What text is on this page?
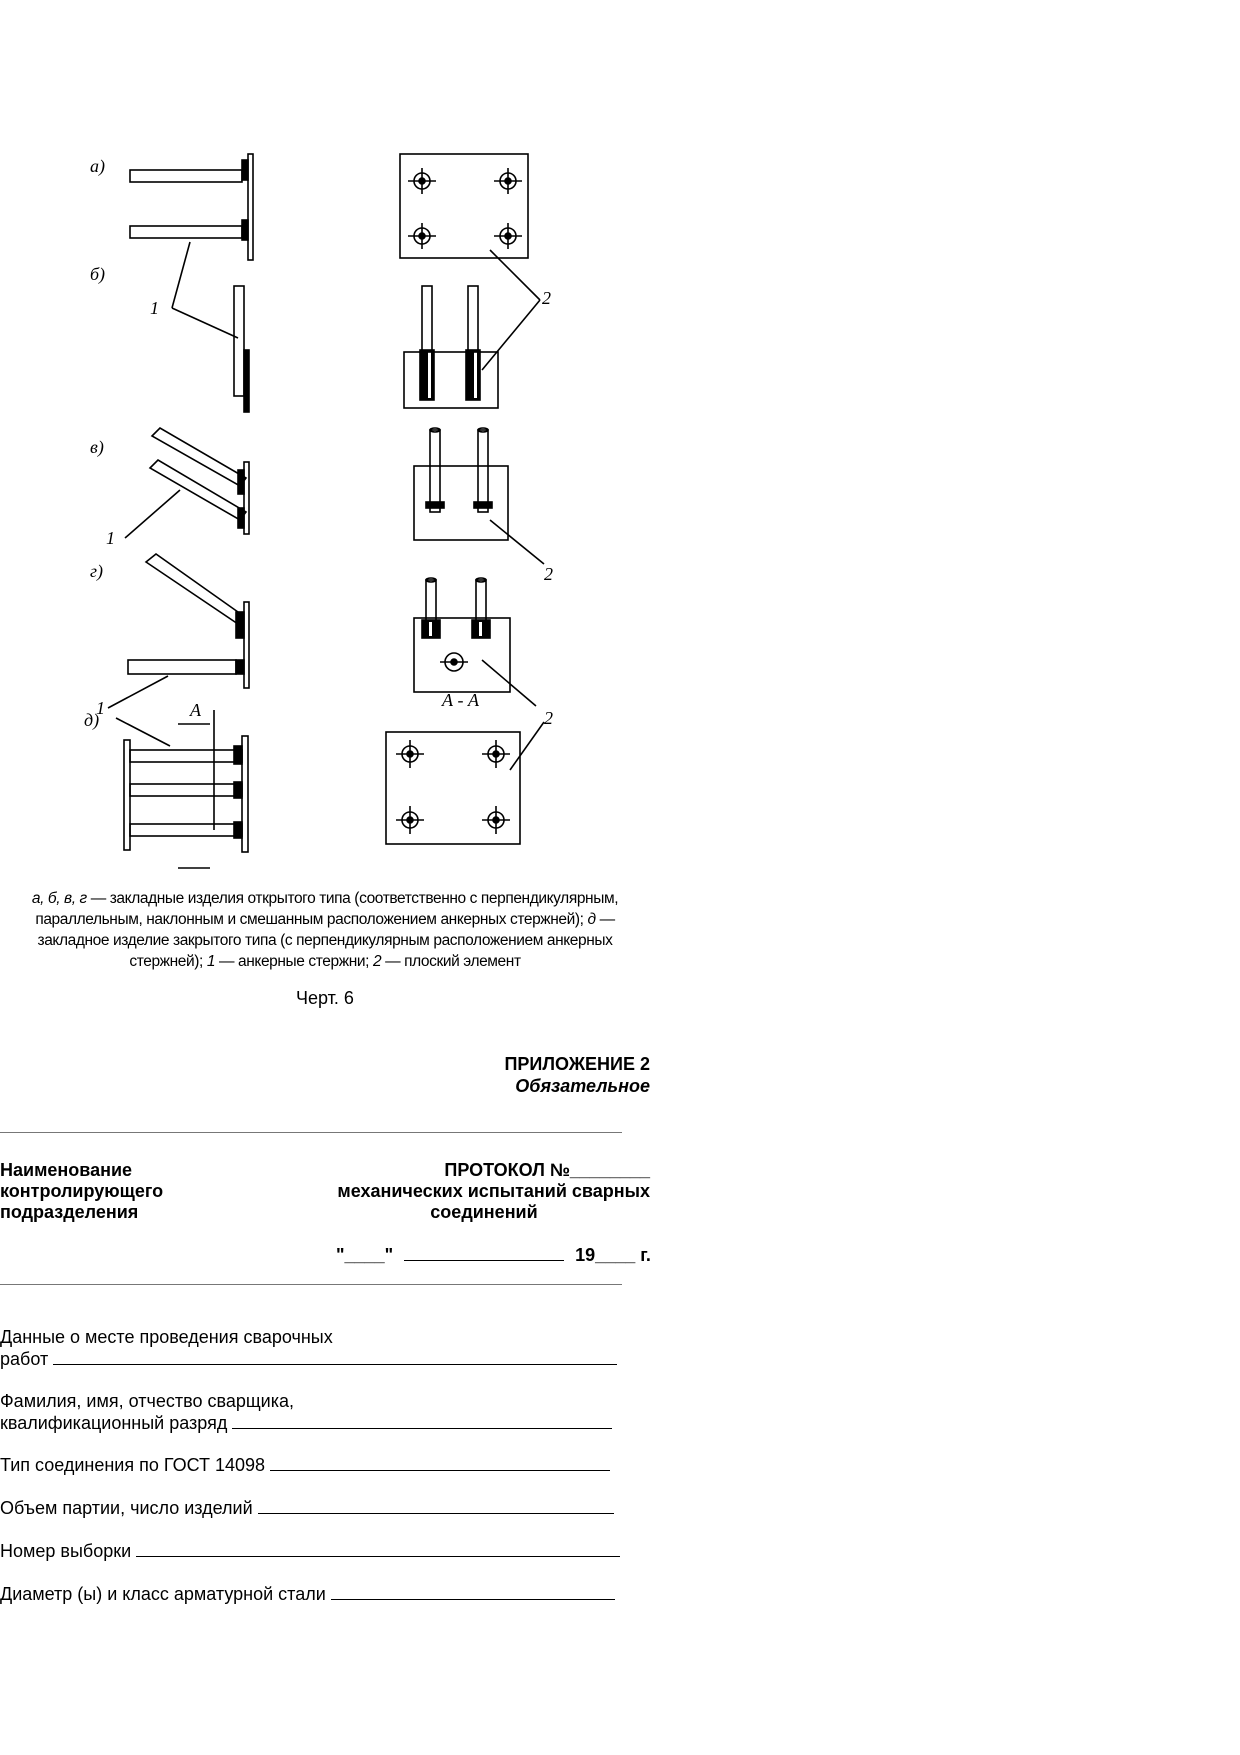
а)
б)
1	2
в)
1
2
г)
1
д)	А	А - А
2
а, б, в, г — закладные изделия открытого типа (соответственно с перпендикулярным, параллельным, наклонным и смешанным расположением анкерных стержней); д — закладное изделие закрытого типа (с перпендикулярным расположением анкерных стержней); 1 — анкерные стержни; 2 — плоский элемент
Черт. 6
ПРИЛОЖЕНИЕ 2
Обязательное
Наименование
контролирующего
подразделения
ПРОТОКОЛ №________
механических испытаний сварных
соединений
"____"	19____ г.
Данные о месте проведения сварочных
работ
Фамилия, имя, отчество сварщика,
квалификационный разряд
Тип соединения по ГОСТ 14098
Объем партии, число изделий
Номер выборки
Диаметр (ы) и класс арматурной стали
